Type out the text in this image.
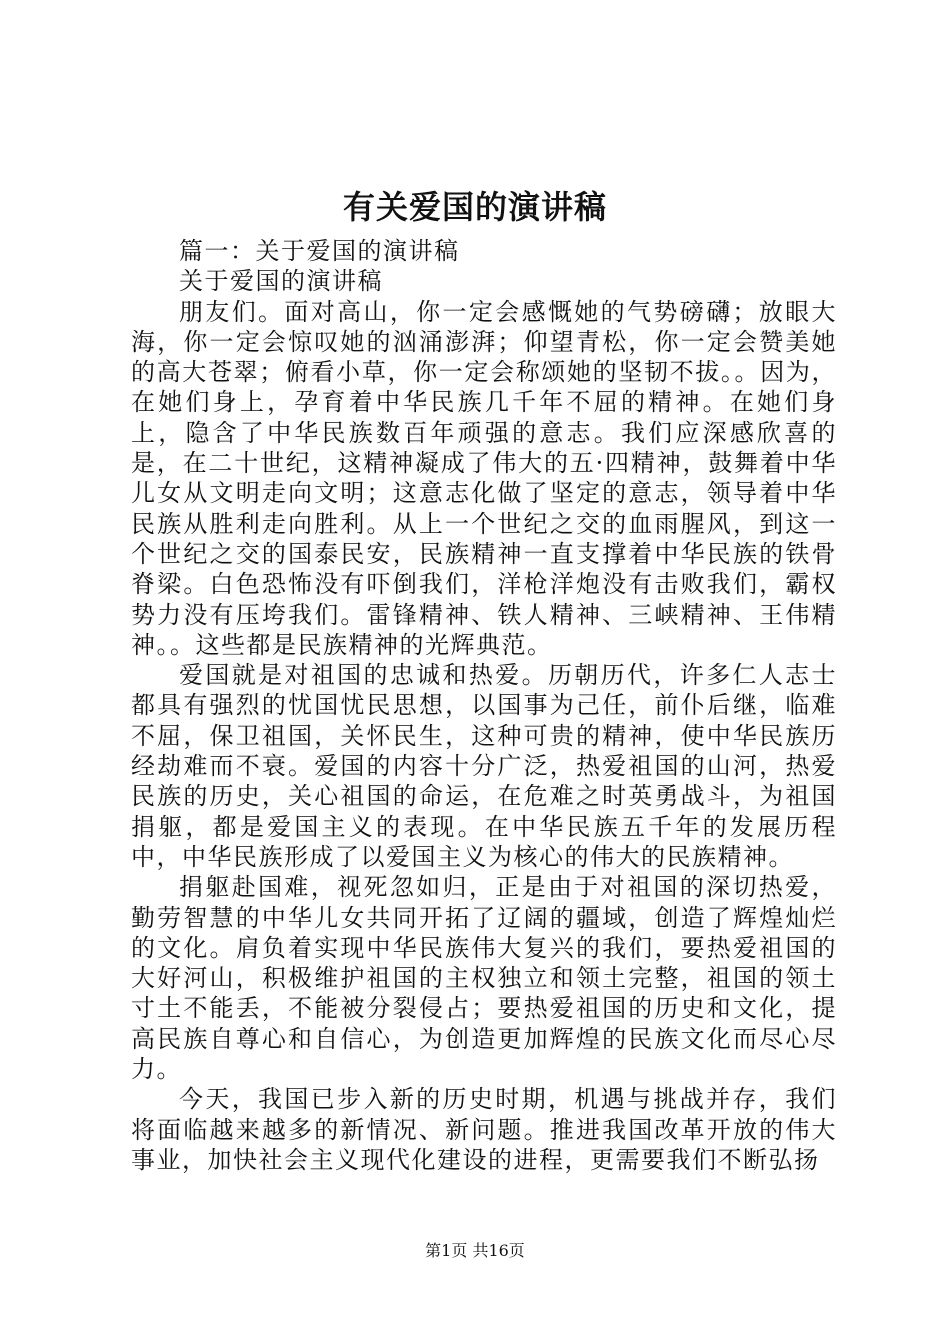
有关爱国的演讲稿

篇一：关于爱国的演讲稿

关于爱国的演讲稿

朋友们。面对高山，你一定会感慨她的气势磅礴；放眼大海，你一定会惊叹她的汹涌澎湃；仰望青松，你一定会赞美她的高大苍翠；俯看小草，你一定会称颂她的坚韧不拔。。因为，在她们身上，孕育着中华民族几千年不屈的精神。在她们身上，隐含了中华民族数百年顽强的意志。我们应深感欣喜的是，在二十世纪，这精神凝成了伟大的五·四精神，鼓舞着中华儿女从文明走向文明；这意志化做了坚定的意志，领导着中华民族从胜利走向胜利。从上一个世纪之交的血雨腥风，到这一个世纪之交的国泰民安，民族精神一直支撑着中华民族的铁骨脊梁。白色恐怖没有吓倒我们，洋枪洋炮没有击败我们，霸权势力没有压垮我们。雷锋精神、铁人精神、三峡精神、王伟精神。。这些都是民族精神的光辉典范。

爱国就是对祖国的忠诚和热爱。历朝历代，许多仁人志士都具有强烈的忧国忧民思想，以国事为己任，前仆后继，临难不屈，保卫祖国，关怀民生，这种可贵的精神，使中华民族历经劫难而不衰。爱国的内容十分广泛，热爱祖国的山河，热爱民族的历史，关心祖国的命运，在危难之时英勇战斗，为祖国捐躯，都是爱国主义的表现。在中华民族五千年的发展历程中，中华民族形成了以爱国主义为核心的伟大的民族精神。

捐躯赴国难，视死忽如归，正是由于对祖国的深切热爱，勤劳智慧的中华儿女共同开拓了辽阔的疆域，创造了辉煌灿烂的文化。肩负着实现中华民族伟大复兴的我们，要热爱祖国的大好河山，积极维护祖国的主权独立和领土完整，祖国的领土寸土不能丢，不能被分裂侵占；要热爱祖国的历史和文化，提高民族自尊心和自信心，为创造更加辉煌的民族文化而尽心尽力。

今天，我国已步入新的历史时期，机遇与挑战并存，我们将面临越来越多的新情况、新问题。推进我国改革开放的伟大事业，加快社会主义现代化建设的进程，更需要我们不断弘扬

第1页 共16页
